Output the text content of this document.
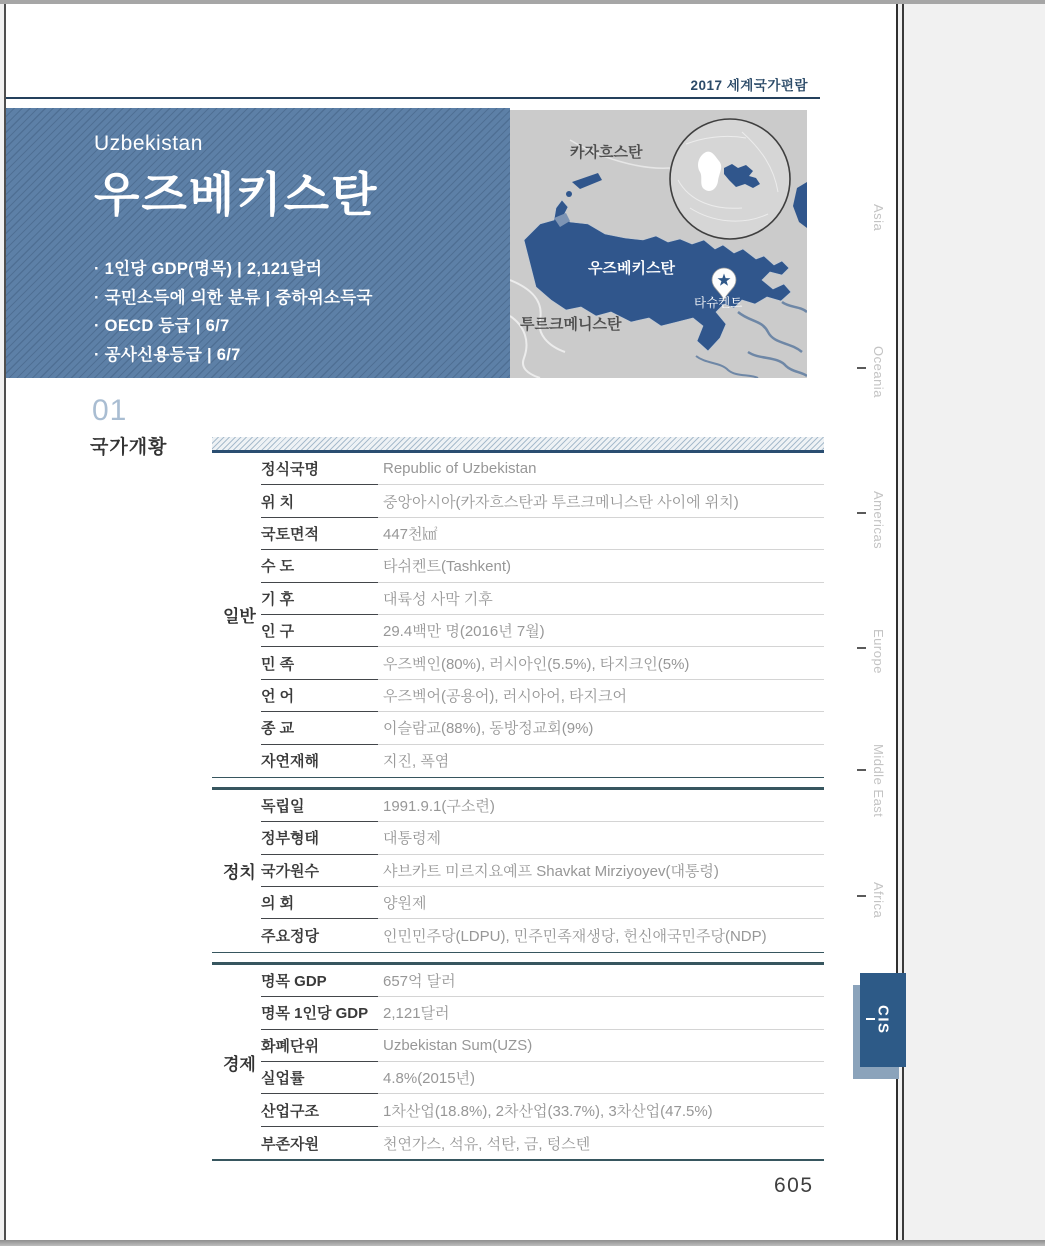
2017 세계국가편람
Uzbekistan
우즈베키스탄
· 1인당 GDP(명목) | 2,121달러
· 국민소득에 의한 분류 | 중하위소득국
· OECD 등급 | 6/7
· 공사신용등급 | 6/7
카자흐스탄
우즈베키스탄
투르크메니스탄
타슈켄트
01
국가개황
일반
정식국명	Republic of Uzbekistan
위 치	중앙아시아(카자흐스탄과 투르크메니스탄 사이에 위치)
국토면적	447천㎢
수 도	타쉬켄트(Tashkent)
기 후	대륙성 사막 기후
인 구	29.4백만 명(2016년 7월)
민 족	우즈벡인(80%), 러시아인(5.5%), 타지크인(5%)
언 어	우즈벡어(공용어), 러시아어, 타지크어
종 교	이슬람교(88%), 동방정교회(9%)
자연재해	지진, 폭염
정치
독립일	1991.9.1(구소련)
정부형태	대통령제
국가원수	샤브카트 미르지요예프 Shavkat Mirziyoyev(대통령)
의 회	양원제
주요정당	인민민주당(LDPU), 민주민족재생당, 헌신애국민주당(NDP)
경제
명목 GDP	657억 달러
명목 1인당 GDP 2,121달러
화폐단위	Uzbekistan Sum(UZS)
실업률	4.8%(2015년)
산업구조	1차산업(18.8%), 2차산업(33.7%), 3차산업(47.5%)
부존자원	천연가스, 석유, 석탄, 금, 텅스텐
Asia
Oceania
Americas
Europe
Middle East
Africa
CIS
605
